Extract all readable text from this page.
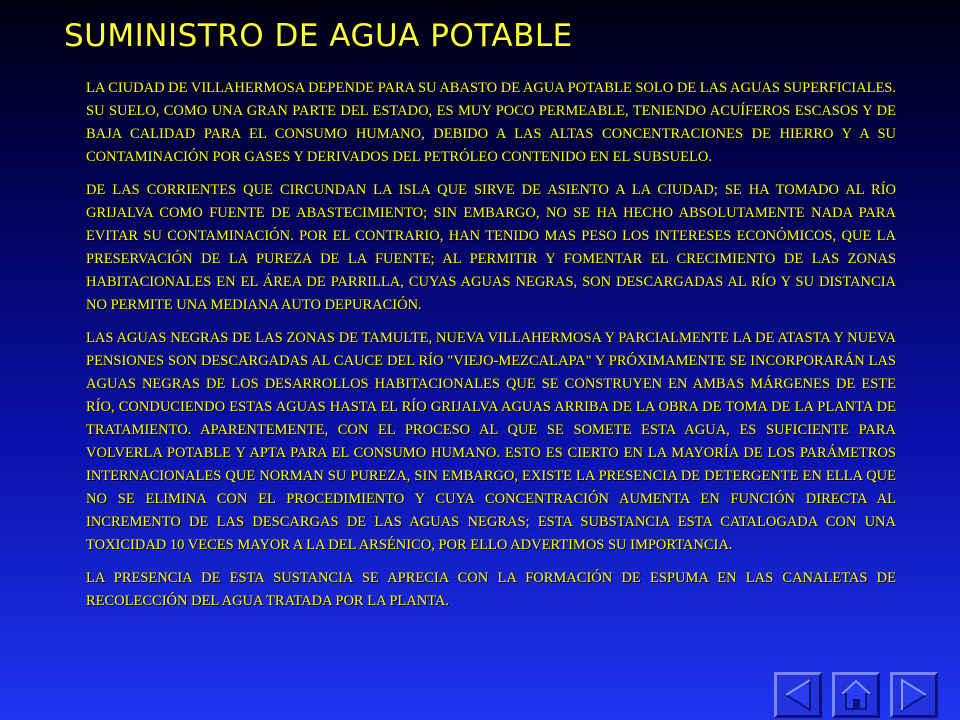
SUMINISTRO DE AGUA POTABLE

LA CIUDAD DE VILLAHERMOSA DEPENDE PARA SU ABASTO DE AGUA POTABLE SOLO DE LAS AGUAS SUPERFICIALES. SU SUELO, COMO UNA GRAN PARTE DEL ESTADO, ES MUY POCO PERMEABLE, TENIENDO ACUÍFEROS ESCASOS Y DE BAJA CALIDAD PARA EL CONSUMO HUMANO, DEBIDO A LAS ALTAS CONCENTRACIONES DE HIERRO Y A SU CONTAMINACIÓN POR GASES Y DERIVADOS DEL PETRÓLEO CONTENIDO EN EL SUBSUELO.

DE LAS CORRIENTES QUE CIRCUNDAN LA ISLA QUE SIRVE DE ASIENTO A LA CIUDAD; SE HA TOMADO AL RÍO GRIJALVA COMO FUENTE DE ABASTECIMIENTO; SIN EMBARGO, NO SE HA HECHO ABSOLUTAMENTE NADA PARA EVITAR SU CONTAMINACIÓN. POR EL CONTRARIO, HAN TENIDO MAS PESO LOS INTERESES ECONÓMICOS, QUE LA PRESERVACIÓN DE LA PUREZA DE LA FUENTE; AL PERMITIR Y FOMENTAR EL CRECIMIENTO DE LAS ZONAS HABITACIONALES EN EL ÁREA DE PARRILLA, CUYAS AGUAS NEGRAS, SON DESCARGADAS AL RÍO Y SU DISTANCIA NO PERMITE UNA MEDIANA AUTO DEPURACIÓN.

LAS AGUAS NEGRAS DE LAS ZONAS DE TAMULTE, NUEVA VILLAHERMOSA Y PARCIALMENTE LA DE ATASTA Y NUEVA PENSIONES SON DESCARGADAS AL CAUCE DEL RÍO "VIEJO-MEZCALAPA" Y PRÓXIMAMENTE SE INCORPORARÁN LAS AGUAS NEGRAS DE LOS DESARROLLOS HABITACIONALES QUE SE CONSTRUYEN EN AMBAS MÁRGENES DE ESTE RÍO, CONDUCIENDO ESTAS AGUAS HASTA EL RÍO GRIJALVA AGUAS ARRIBA DE LA OBRA DE TOMA DE LA PLANTA DE TRATAMIENTO. APARENTEMENTE, CON EL PROCESO AL QUE SE SOMETE ESTA AGUA, ES SUFICIENTE PARA VOLVERLA POTABLE Y APTA PARA EL CONSUMO HUMANO. ESTO ES CIERTO EN LA MAYORÍA DE LOS PARÁMETROS INTERNACIONALES QUE NORMAN SU PUREZA, SIN EMBARGO, EXISTE LA PRESENCIA DE DETERGENTE EN ELLA QUE NO SE ELIMINA CON EL PROCEDIMIENTO Y CUYA CONCENTRACIÓN AUMENTA EN FUNCIÓN DIRECTA AL INCREMENTO DE LAS DESCARGAS DE LAS AGUAS NEGRAS; ESTA SUBSTANCIA ESTA CATALOGADA CON UNA TOXICIDAD 10 VECES MAYOR A LA DEL ARSÉNICO, POR ELLO ADVERTIMOS SU IMPORTANCIA.

LA PRESENCIA DE ESTA SUSTANCIA SE APRECIA CON LA FORMACIÓN DE ESPUMA EN LAS CANALETAS DE RECOLECCIÓN DEL AGUA TRATADA POR LA PLANTA.
